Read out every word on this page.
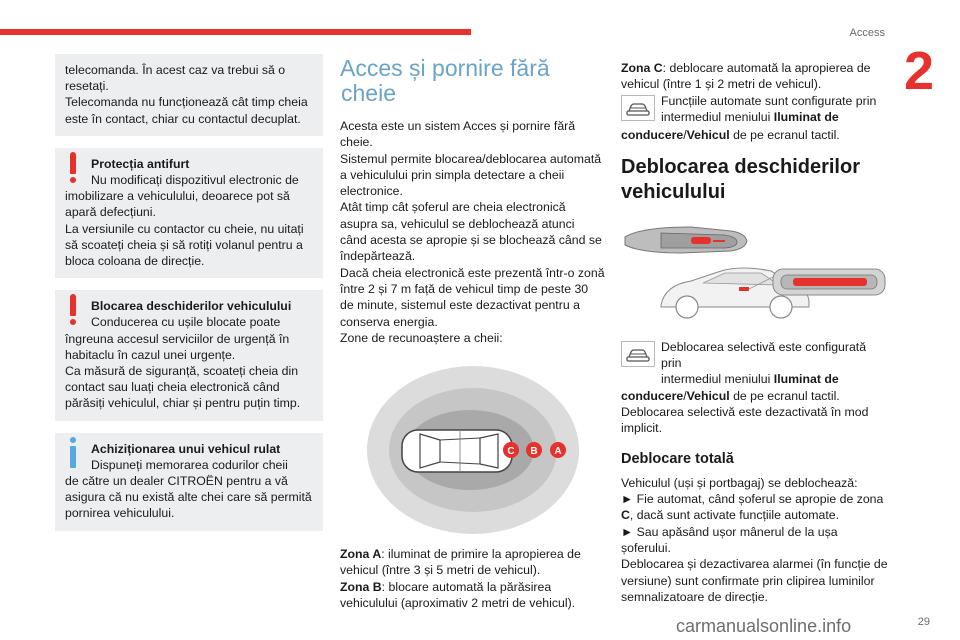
Access
2

telecomanda. În acest caz va trebui să o

resetați.

Telecomanda nu funcționează cât timp cheia

este în contact, chiar cu contactul decuplat.

Protecția antifurt

Nu modificați dispozitivul electronic de

imobilizare a vehiculului, deoarece pot să

apară defecțiuni.

La versiunile cu contactor cu cheie, nu uitați

să scoateți cheia și să rotiți volanul pentru a

bloca coloana de direcție.

Blocarea deschiderilor vehiculului

Conducerea cu ușile blocate poate

îngreuna accesul serviciilor de urgență în

habitaclu în cazul unei urgențe.

Ca măsură de siguranță, scoateți cheia din

contact sau luați cheia electronică când

părăsiți vehiculul, chiar și pentru puțin timp.

Achiziționarea unui vehicul rulat

Dispuneți memorarea codurilor cheii

de către un dealer CITROËN pentru a vă

asigura că nu există alte chei care să permită

pornirea vehiculului.

Acces și pornire fără
cheie

Acesta este un sistem Acces și pornire fără

cheie.

Sistemul permite blocarea/deblocarea automată

a vehiculului prin simpla detectare a cheii

electronice.

Atât timp cât șoferul are cheia electronică

asupra sa, vehiculul se deblochează atunci

când acesta se apropie și se blochează când se

îndepărtează.

Dacă cheia electronică este prezentă într-o zonă

între 2 și 7 m față de vehicul timp de peste 30

de minute, sistemul este dezactivat pentru a

conserva energia.

Zone de recunoaștere a cheii:

C B A

Zona A: iluminat de primire la apropierea de

vehicul (între 3 și 5 metri de vehicul).

Zona B: blocare automată la părăsirea

vehiculului (aproximativ 2 metri de vehicul).

Zona C: deblocare automată la apropierea de

vehicul (între 1 și 2 metri de vehicul).

Funcțiile automate sunt configurate prin

intermediul meniului Iluminat de

conducere/Vehicul de pe ecranul tactil.

Deblocarea deschiderilor
vehiculului

Deblocarea selectivă este configurată prin

intermediul meniului Iluminat de

conducere/Vehicul de pe ecranul tactil.

Deblocarea selectivă este dezactivată în mod

implicit.

Deblocare totală

Vehiculul (uși și portbagaj) se deblochează:

► Fie automat, când șoferul se apropie de zona

C, dacă sunt activate funcțiile automate.

► Sau apăsând ușor mânerul de la ușa

șoferului.

Deblocarea și dezactivarea alarmei (în funcție de

versiune) sunt confirmate prin clipirea luminilor

semnalizatoare de direcție.

carmanualsonline.info	29
